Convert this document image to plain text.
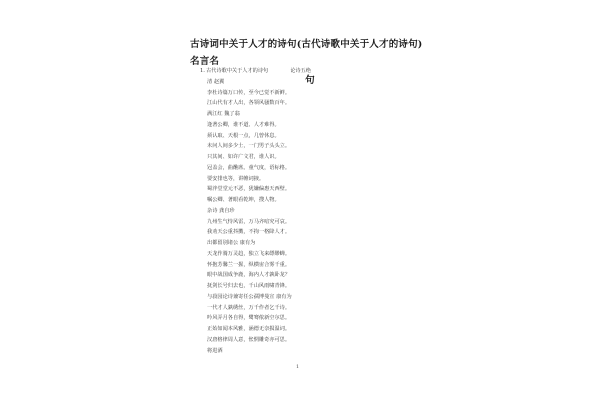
古诗词中关于人才的诗句(古代诗歌中关于人才的诗句)名言名
句
1.古代诗歌中关于人才的诗句	论诗五绝
清 赵翼
李杜诗篇万口传，至今已觉不新鲜。
江山代有才人出，各领风骚数百年。
满江红 魏了翁
逢著公卿，谁不道、人才难得。
须认取、天根一点，几曾休息。
未问人间多少士，一门男子头头立。
只其间、如许广文君，谁人识。
冠盖会，曲醮席。童气度，语标格。
要安排也等，讲帷词掖。
蜀泮堂堂元不恶，犹嫌偏惠天西壁。
嘱公卿、著眼看乾坤，搜人物。
杂诗 龚自珍
九州生气恃风雷，万马齐喑究可哀。
我劝天公重抖擞，不拘一格降人才。
出都留别诸公 康有为
天龙作骑万灵趋，独立飞来缥缈蝉。
怀抱芳馨兰一握，纵横宙合雾千重。
眼中战国成争鹿，海内人才孰卧龙？
抚剑长号归去也，千山风雨啸青锋。
与菽园论诗兼寄任公孺博曼宣 康有为
一代才人孰绣丝，万千作者乞千诗。
吟风弄月各自得，鹭骞侬新空尔思。
正始如闻本风雅，涵德无奈损温词。
汉唐格律周人意，怅惘雕奇亦可思。
将进酒
1
